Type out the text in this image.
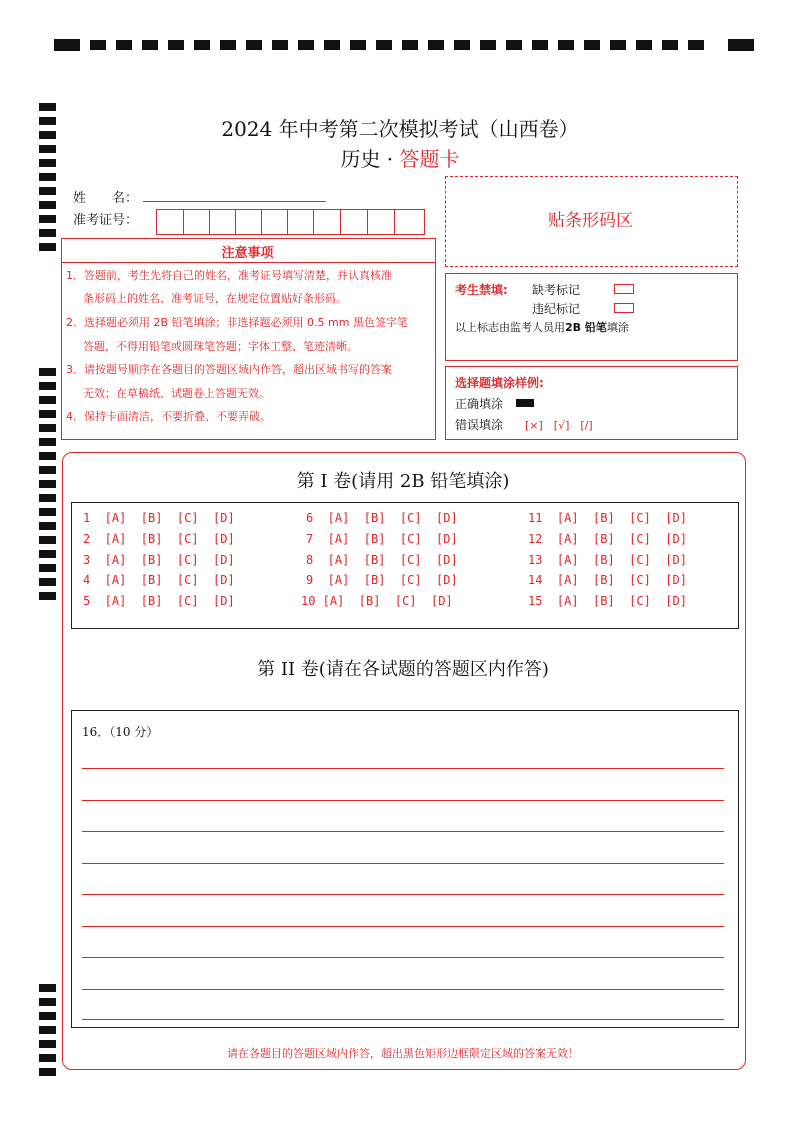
2024 年中考第二次模拟考试（山西卷）
历史 · 答题卡
姓　　名：
准考证号：	贴条形码区
注意事项
1．答题前，考生先将自己的姓名，准考证号填写清楚，并认真核准
条形码上的姓名、准考证号，在规定位置贴好条形码。
2．选择题必须用 2B 铅笔填涂；非选择题必须用 0.5 mm 黑色签字笔
答题，不得用铅笔或圆珠笔答题；字体工整、笔迹清晰。
3．请按题号顺序在各题目的答题区域内作答，超出区域书写的答案
无效；在草稿纸、试题卷上答题无效。
4．保持卡面清洁，不要折叠、不要弄破。
考生禁填: 缺考标记
违纪标记
以上标志由监考人员用2B 铅笔填涂
选择题填涂样例:
正确填涂
错误填涂 [×]　[√]　[/]
第 I 卷(请用 2B 铅笔填涂)
1  [A]  [B]  [C]  [D]
2  [A]  [B]  [C]  [D]
3  [A]  [B]  [C]  [D]
4  [A]  [B]  [C]  [D]
5  [A]  [B]  [C]  [D]
6  [A]  [B]  [C]  [D]
7  [A]  [B]  [C]  [D]
8  [A]  [B]  [C]  [D]
9  [A]  [B]  [C]  [D]
10 [A]  [B]  [C]  [D]
11  [A]  [B]  [C]  [D]
12  [A]  [B]  [C]  [D]
13  [A]  [B]  [C]  [D]
14  [A]  [B]  [C]  [D]
15  [A]  [B]  [C]  [D]
第 II 卷(请在各试题的答题区内作答)
16．（10 分）
请在各题目的答题区域内作答，超出黑色矩形边框限定区域的答案无效！
